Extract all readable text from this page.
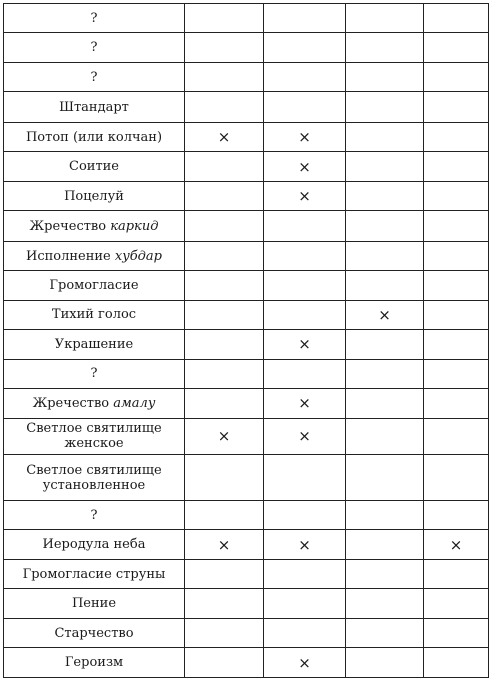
?				
?				
?				
Штандарт				
Потоп (или колчан)	×	×		
Соитие		×		
Поцелуй		×		
Жречество каркид				
Исполнение хубдар				
Громогласие				
Тихий голос			×	
Украшение		×		
?				
Жречество амалу		×		
Светлое святилище
женское	×	×		
Светлое святилище
установленное				
?				
Иеродула неба	×	×		×
Громогласие струны				
Пение				
Старчество				
Героизм		×		
